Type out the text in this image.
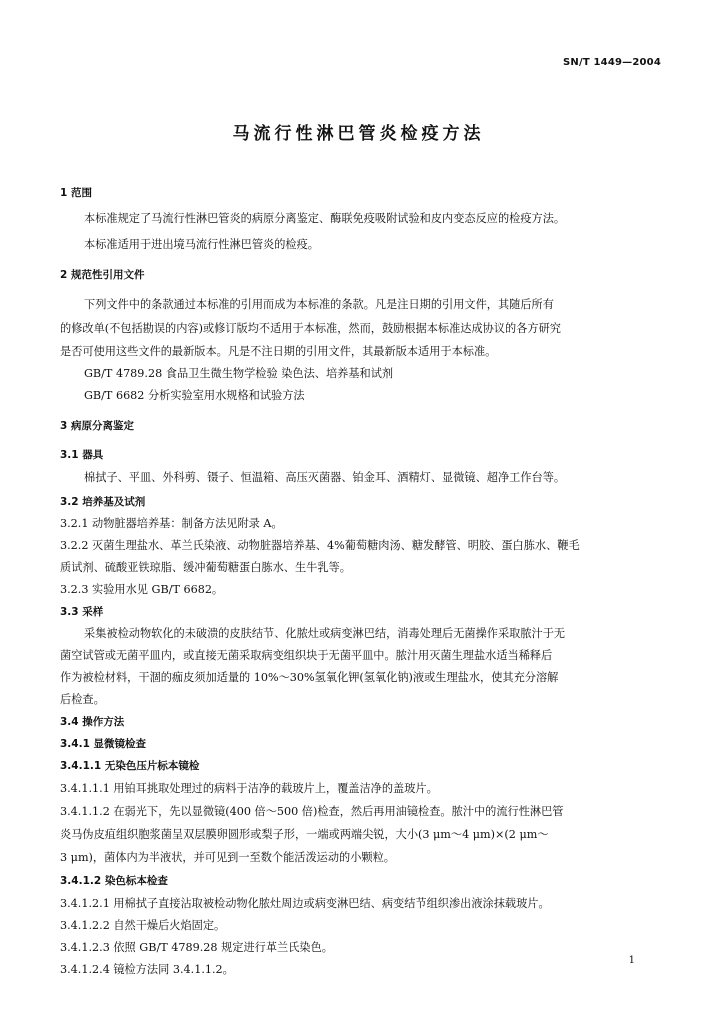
SN/T 1449—2004
马流行性淋巴管炎检疫方法
1 范围
本标准规定了马流行性淋巴管炎的病原分离鉴定、酶联免疫吸附试验和皮内变态反应的检疫方法。
本标准适用于进出境马流行性淋巴管炎的检疫。
2 规范性引用文件
下列文件中的条款通过本标准的引用而成为本标准的条款。凡是注日期的引用文件，其随后所有
的修改单(不包括勘误的内容)或修订版均不适用于本标准，然而，鼓励根据本标准达成协议的各方研究
是否可使用这些文件的最新版本。凡是不注日期的引用文件，其最新版本适用于本标准。
GB/T 4789.28 食品卫生微生物学检验 染色法、培养基和试剂
GB/T 6682 分析实验室用水规格和试验方法
3 病原分离鉴定
3.1 器具
棉拭子、平皿、外科剪、镊子、恒温箱、高压灭菌器、铂金耳、酒精灯、显微镜、超净工作台等。
3.2 培养基及试剂
3.2.1 动物脏器培养基：制备方法见附录 A。
3.2.2 灭菌生理盐水、革兰氏染液、动物脏器培养基、4%葡萄糖肉汤、糖发酵管、明胶、蛋白胨水、鞭毛
质试剂、硫酸亚铁琼脂、缓冲葡萄糖蛋白胨水、生牛乳等。
3.2.3 实验用水见 GB/T 6682。
3.3 采样
采集被检动物软化的未破溃的皮肤结节、化脓灶或病变淋巴结，消毒处理后无菌操作采取脓汁于无
菌空试管或无菌平皿内，或直接无菌采取病变组织块于无菌平皿中。脓汁用灭菌生理盐水适当稀释后
作为被检材料，干涸的痂皮须加适量的 10%～30%氢氧化钾(氢氧化钠)液或生理盐水，使其充分溶解
后检查。
3.4 操作方法
3.4.1 显微镜检查
3.4.1.1 无染色压片标本镜检
3.4.1.1.1 用铂耳挑取处理过的病料于洁净的载玻片上，覆盖洁净的盖玻片。
3.4.1.1.2 在弱光下，先以显微镜(400 倍～500 倍)检查，然后再用油镜检查。脓汁中的流行性淋巴管
炎马伪皮疽组织胞浆菌呈双层膜卵圆形或梨子形，一端或两端尖锐，大小(3 μm～4 μm)×(2 μm～
3 μm)，菌体内为半液状，并可见到一至数个能活泼运动的小颗粒。
3.4.1.2 染色标本检查
3.4.1.2.1 用棉拭子直接沾取被检动物化脓灶周边或病变淋巴结、病变结节组织渗出液涂抹载玻片。
3.4.1.2.2 自然干燥后火焰固定。
3.4.1.2.3 依照 GB/T 4789.28 规定进行革兰氏染色。
3.4.1.2.4 镜检方法同 3.4.1.1.2。
1
